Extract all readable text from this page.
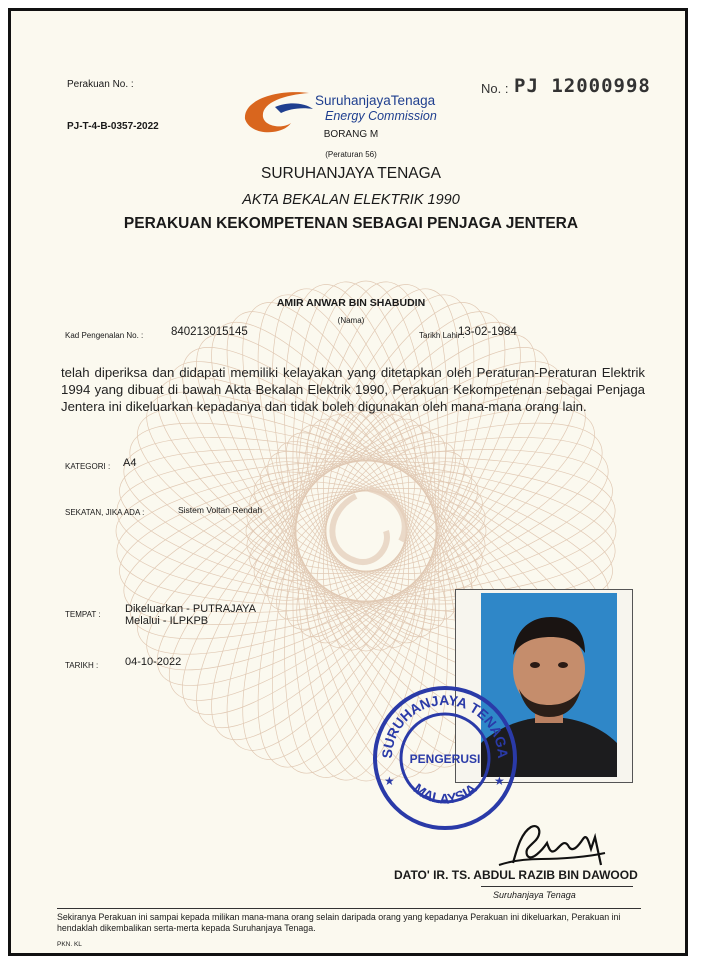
Perakuan No. :
PJ-T-4-B-0357-2022
SuruhanjayaTenaga
Energy Commission
No. : PJ 12000998
BORANG M
(Peraturan 56)
SURUHANJAYA TENAGA
AKTA BEKALAN ELEKTRIK 1990
PERAKUAN KEKOMPETENAN SEBAGAI PENJAGA JENTERA
AMIR ANWAR BIN SHABUDIN
(Nama)
Kad Pengenalan No. : 840213015145	Tarikh Lahir :
13-02-1984
telah diperiksa dan didapati memiliki kelayakan yang ditetapkan oleh Peraturan-Peraturan Elektrik 1994 yang dibuat di bawah Akta Bekalan Elektrik 1990, Perakuan Kekompetenan sebagai Penjaga Jentera ini dikeluarkan kepadanya dan tidak boleh digunakan oleh mana-mana orang lain.
KATEGORI : A4
SEKATAN, JIKA ADA :	Sistem Voltan Rendah
TEMPAT : Dikeluarkan - PUTRAJAYA
Melalui - ILPKPB
TARIKH : 04-10-2022
SURUHANJAYA TENAGA
MALAYSIA
PENGERUSI
★	★
DATO' IR. TS. ABDUL RAZIB BIN DAWOOD
Suruhanjaya Tenaga
Sekiranya Perakuan ini sampai kepada milikan mana-mana orang selain daripada orang yang kepadanya Perakuan ini dikeluarkan, Perakuan ini hendaklah dikembalikan serta-merta kepada Suruhanjaya Tenaga.
PKN. KL
